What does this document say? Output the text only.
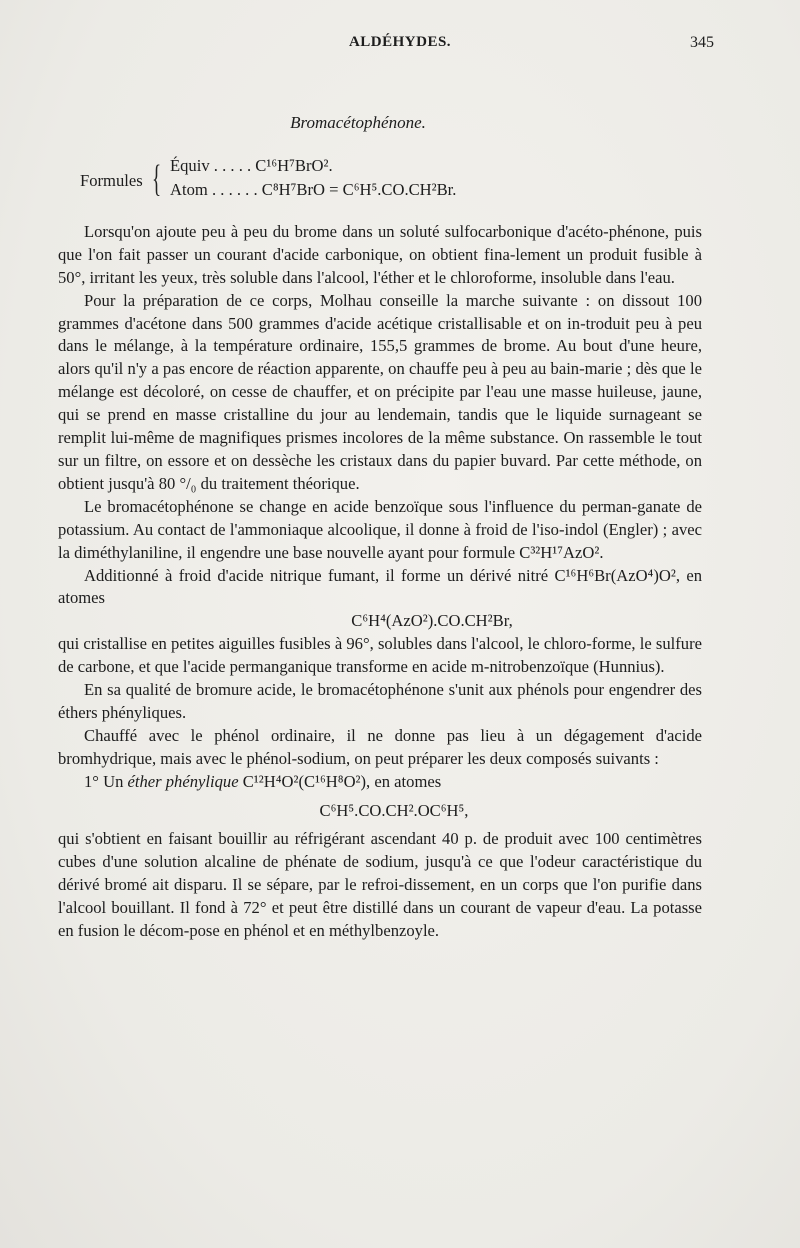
ALDÉHYDES.	345
Bromacétophénone.
Formules { Équiv . . . . . C¹⁶H⁷BrO².
Atom . . . . . . C⁸H⁷BrO = C⁶H⁵.CO.CH²Br.

Lorsqu'on ajoute peu à peu du brome dans un soluté sulfocarbonique d'acéto-phénone, puis que l'on fait passer un courant d'acide carbonique, on obtient fina-lement un produit fusible à 50°, irritant les yeux, très soluble dans l'alcool, l'éther et le chloroforme, insoluble dans l'eau.

Pour la préparation de ce corps, Molhau conseille la marche suivante : on dissout 100 grammes d'acétone dans 500 grammes d'acide acétique cristallisable et on in-troduit peu à peu dans le mélange, à la température ordinaire, 155,5 grammes de brome. Au bout d'une heure, alors qu'il n'y a pas encore de réaction apparente, on chauffe peu à peu au bain-marie ; dès que le mélange est décoloré, on cesse de chauffer, et on précipite par l'eau une masse huileuse, jaune, qui se prend en masse cristalline du jour au lendemain, tandis que le liquide surnageant se remplit lui-même de magnifiques prismes incolores de la même substance. On rassemble le tout sur un filtre, on essore et on dessèche les cristaux dans du papier buvard. Par cette méthode, on obtient jusqu'à 80 °/₀ du traitement théorique.

Le bromacétophénone se change en acide benzoïque sous l'influence du perman-ganate de potassium. Au contact de l'ammoniaque alcoolique, il donne à froid de l'iso-indol (Engler) ; avec la diméthylaniline, il engendre une base nouvelle ayant pour formule C³²H¹⁷AzO².

Additionné à froid d'acide nitrique fumant, il forme un dérivé nitré C¹⁶H⁶Br(AzO⁴)O², en atomes

C⁶H⁴(AzO²).CO.CH²Br,

qui cristallise en petites aiguilles fusibles à 96°, solubles dans l'alcool, le chloro-forme, le sulfure de carbone, et que l'acide permanganique transforme en acide m-nitrobenzoïque (Hunnius).

En sa qualité de bromure acide, le bromacétophénone s'unit aux phénols pour engendrer des éthers phényliques.

Chauffé avec le phénol ordinaire, il ne donne pas lieu à un dégagement d'acide bromhydrique, mais avec le phénol-sodium, on peut préparer les deux composés suivants :

1° Un éther phénylique C¹²H⁴O²(C¹⁶H⁸O²), en atomes

C⁶H⁵.CO.CH².OC⁶H⁵,

qui s'obtient en faisant bouillir au réfrigérant ascendant 40 p. de produit avec 100 centimètres cubes d'une solution alcaline de phénate de sodium, jusqu'à ce que l'odeur caractéristique du dérivé bromé ait disparu. Il se sépare, par le refroi-dissement, en un corps que l'on purifie dans l'alcool bouillant. Il fond à 72° et peut être distillé dans un courant de vapeur d'eau. La potasse en fusion le décom-pose en phénol et en méthylbenzoyle.
